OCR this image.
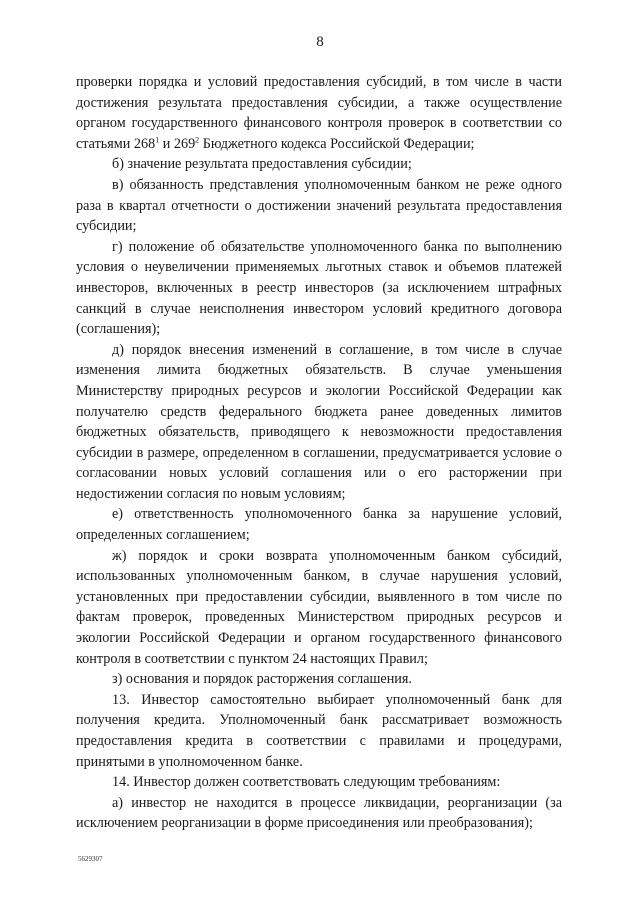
8

проверки порядка и условий предоставления субсидий, в том числе в части достижения результата предоставления субсидии, а также осуществление органом государственного финансового контроля проверок в соответствии со статьями $268^1$ и $269^2$ Бюджетного кодекса Российской Федерации;

б) значение результата предоставления субсидии;

в) обязанность представления уполномоченным банком не реже одного раза в квартал отчетности о достижении значений результата предоставления субсидии;

г) положение об обязательстве уполномоченного банка по выполнению условия о неувеличении применяемых льготных ставок и объемов платежей инвесторов, включенных в реестр инвесторов (за исключением штрафных санкций в случае неисполнения инвестором условий кредитного договора (соглашения);

д) порядок внесения изменений в соглашение, в том числе в случае изменения лимита бюджетных обязательств. В случае уменьшения Министерству природных ресурсов и экологии Российской Федерации как получателю средств федерального бюджета ранее доведенных лимитов бюджетных обязательств, приводящего к невозможности предоставления субсидии в размере, определенном в соглашении, предусматривается условие о согласовании новых условий соглашения или о его расторжении при недостижении согласия по новым условиям;

е) ответственность уполномоченного банка за нарушение условий, определенных соглашением;

ж) порядок и сроки возврата уполномоченным банком субсидий, использованных уполномоченным банком, в случае нарушения условий, установленных при предоставлении субсидии, выявленного в том числе по фактам проверок, проведенных Министерством природных ресурсов и экологии Российской Федерации и органом государственного финансового контроля в соответствии с пунктом 24 настоящих Правил;

з) основания и порядок расторжения соглашения.

13. Инвестор самостоятельно выбирает уполномоченный банк для получения кредита. Уполномоченный банк рассматривает возможность предоставления кредита в соответствии с правилами и процедурами, принятыми в уполномоченном банке.

14. Инвестор должен соответствовать следующим требованиям:

а) инвестор не находится в процессе ликвидации, реорганизации (за исключением реорганизации в форме присоединения или преобразования);

5629307
